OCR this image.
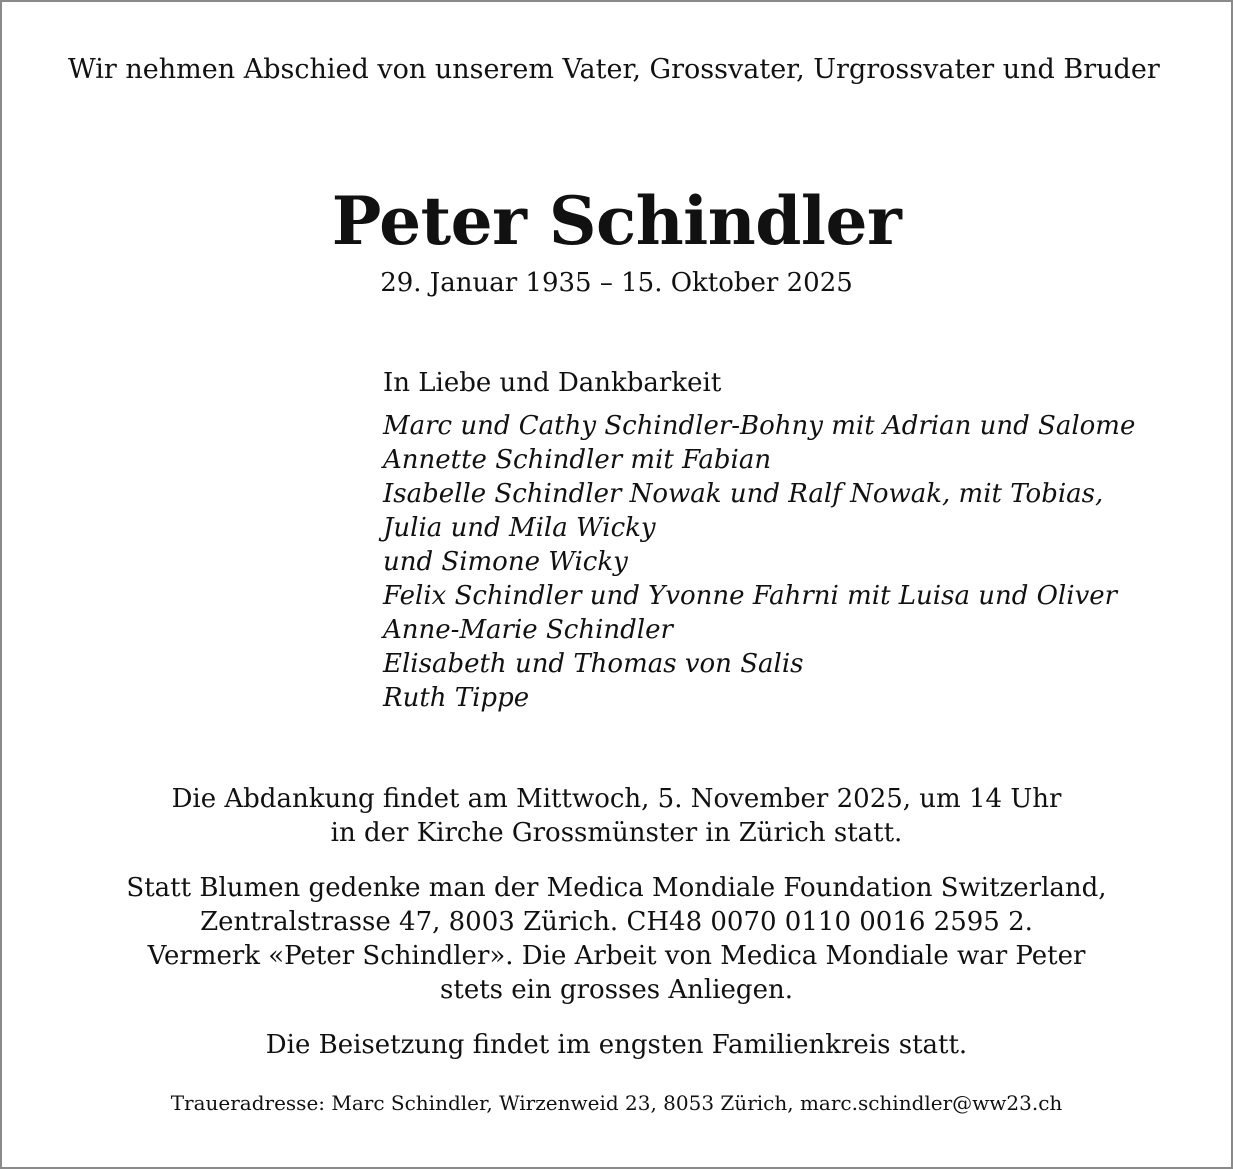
Wir nehmen Abschied von unserem Vater, Grossvater, Urgrossvater und Bruder

Peter Schindler

29. Januar 1935 – 15. Oktober 2025

In Liebe und Dankbarkeit

Marc und Cathy Schindler-Bohny mit Adrian und Salome
Annette Schindler mit Fabian
Isabelle Schindler Nowak und Ralf Nowak, mit Tobias,
Julia und Mila Wicky
und Simone Wicky
Felix Schindler und Yvonne Fahrni mit Luisa und Oliver
Anne-Marie Schindler
Elisabeth und Thomas von Salis
Ruth Tippe

Die Abdankung findet am Mittwoch, 5. November 2025, um 14 Uhr
in der Kirche Grossmünster in Zürich statt.

Statt Blumen gedenke man der Medica Mondiale Foundation Switzerland,
Zentralstrasse 47, 8003 Zürich. CH48 0070 0110 0016 2595 2.
Vermerk «Peter Schindler». Die Arbeit von Medica Mondiale war Peter
stets ein grosses Anliegen.

Die Beisetzung findet im engsten Familienkreis statt.

Traueradresse: Marc Schindler, Wirzenweid 23, 8053 Zürich, marc.schindler@ww23.ch
